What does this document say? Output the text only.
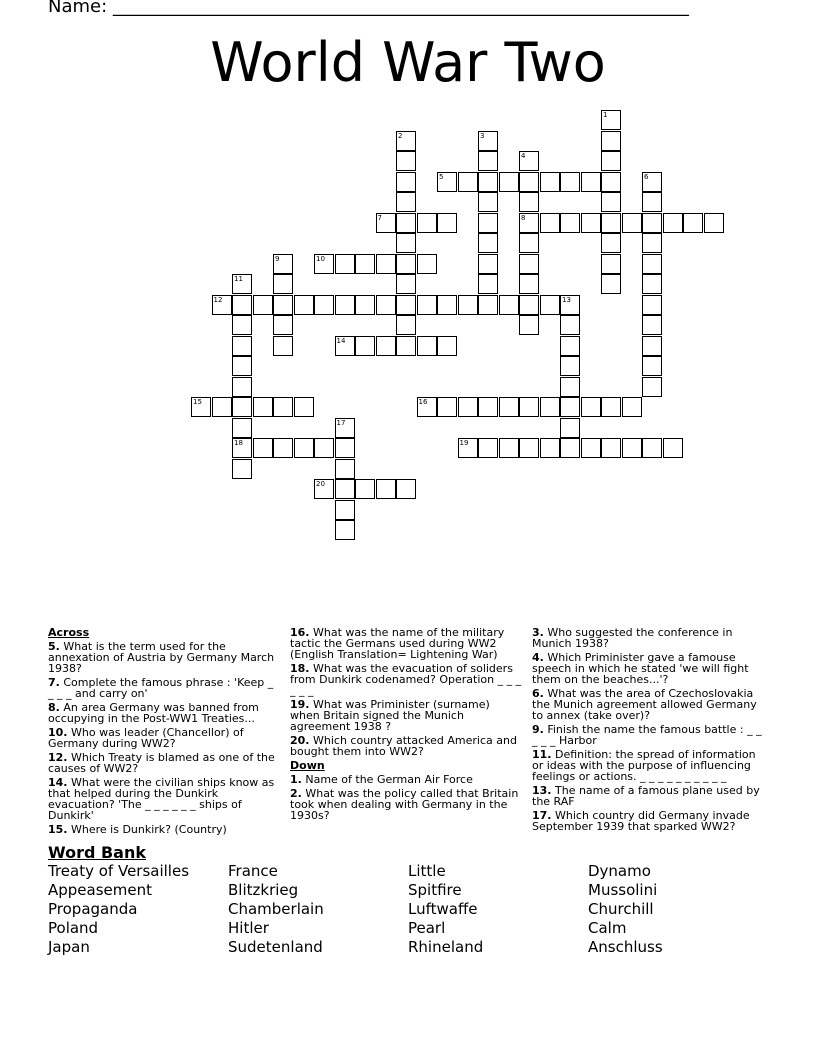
Name: ________________________________________________________________
World War Two
1
2	3
4
8
5	6
7
9	10
11
18
12	13
14
15	16
17
19
20

Across

5. What is the term used for the annexation of Austria by Germany March 1938?

7. Complete the famous phrase : 'Keep _ _ _ _ and carry on'

8. An area Germany was banned from occupying in the Post-WW1 Treaties...

10. Who was leader (Chancellor) of Germany during WW2?

12. Which Treaty is blamed as one of the causes of WW2?

14. What were the civilian ships know as that helped during the Dunkirk evacuation? 'The _ _ _ _ _ _ ships of Dunkirk'

15. Where is Dunkirk? (Country)

16. What was the name of the military tactic the Germans used during WW2 (English Translation= Lightening War)

18. What was the evacuation of soliders from Dunkirk codenamed? Operation _ _ _ _ _ _

19. What was Priminister (surname) when Britain signed the Munich agreement 1938 ?

20. Which country attacked America and bought them into WW2?

Down

1. Name of the German Air Force

2. What was the policy called that Britain took when dealing with Germany in the 1930s?

3. Who suggested the conference in Munich 1938?

4. Which Priminister gave a famouse speech in which he stated 'we will fight them on the beaches...'?

6. What was the area of Czechoslovakia the Munich agreement allowed Germany to annex (take over)?

9. Finish the name the famous battle : _ _ _ _ _ Harbor

11. Definition: the spread of information or ideas with the purpose of influencing feelings or actions. _ _ _ _ _ _ _ _ _ _

13. The name of a famous plane used by the RAF

17. Which country did Germany invade September 1939 that sparked WW2?

Word Bank
Treaty of Versailles	France	Little	Dynamo
Appeasement	Blitzkrieg	Spitfire	Mussolini
Propaganda	Chamberlain	Luftwaffe	Churchill
Poland	Hitler	Pearl	Calm
Japan	Sudetenland	Rhineland	Anschluss
